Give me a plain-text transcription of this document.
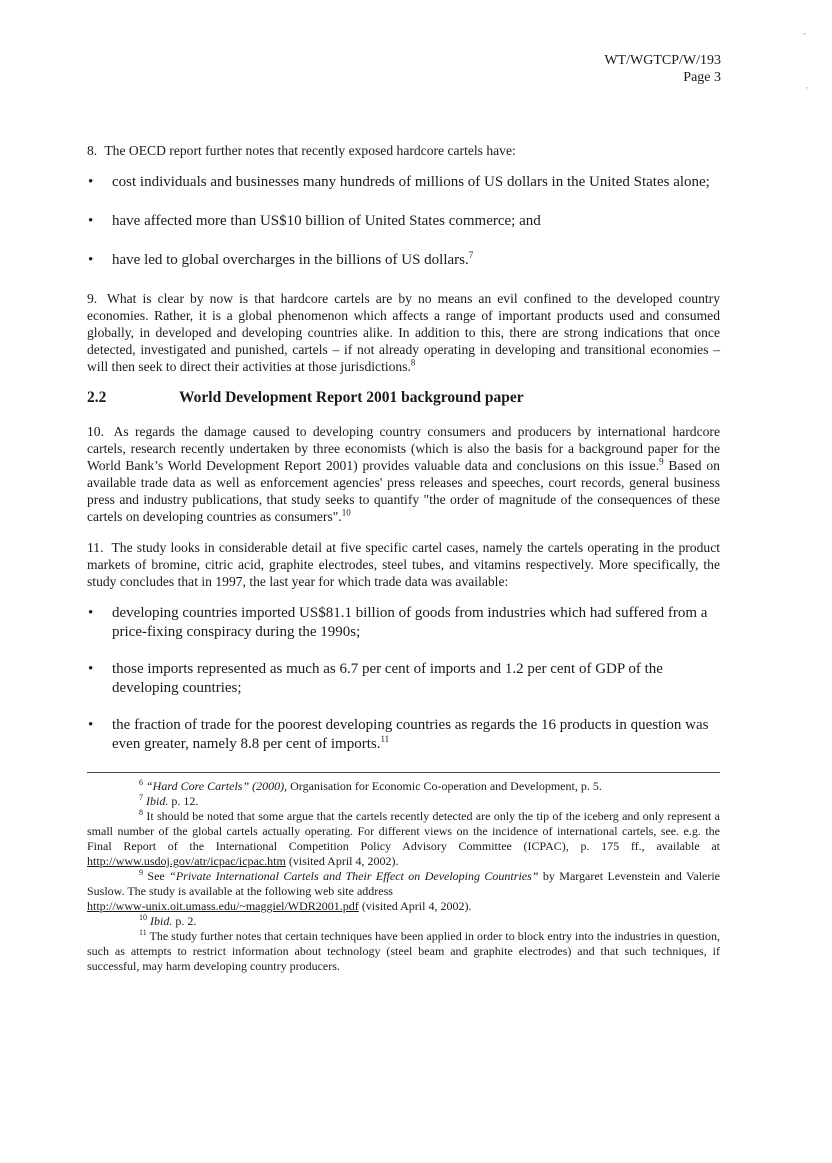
WT/WGTCP/W/193
Page 3
-
,

8. The OECD report further notes that recently exposed hardcore cartels have:

• cost individuals and businesses many hundreds of millions of US dollars in the United States alone;
• have affected more than US$10 billion of United States commerce; and
• have led to global overcharges in the billions of US dollars.$^7$

9. What is clear by now is that hardcore cartels are by no means an evil confined to the developed country economies. Rather, it is a global phenomenon which affects a range of important products used and consumed globally, in developed and developing countries alike. In addition to this, there are strong indications that once detected, investigated and punished, cartels – if not already operating in developing and transitional economies – will then seek to direct their activities at those jurisdictions.$^8$

2.2	World Development Report 2001 background paper

10. As regards the damage caused to developing country consumers and producers by international hardcore cartels, research recently undertaken by three economists (which is also the basis for a background paper for the World Bank’s World Development Report 2001) provides valuable data and conclusions on this issue.$^9$ Based on available trade data as well as enforcement agencies' press releases and speeches, court records, general business press and industry publications, that study seeks to quantify "the order of magnitude of the consequences of these cartels on developing countries as consumers".$^{10}$

11. The study looks in considerable detail at five specific cartel cases, namely the cartels operating in the product markets of bromine, citric acid, graphite electrodes, steel tubes, and vitamins respectively. More specifically, the study concludes that in 1997, the last year for which trade data was available:

• developing countries imported US$81.1 billion of goods from industries which had suffered from a price-fixing conspiracy during the 1990s;
• those imports represented as much as 6.7 per cent of imports and 1.2 per cent of GDP of the developing countries;
• the fraction of trade for the poorest developing countries as regards the 16 products in question was even greater, namely 8.8 per cent of imports.$^{11}$
$^6$ “Hard Core Cartels” (2000), Organisation for Economic Co-operation and Development, p. 5.
$^7$ Ibid. p. 12.
$^8$ It should be noted that some argue that the cartels recently detected are only the tip of the iceberg and only represent a small number of the global cartels actually operating. For different views on the incidence of international cartels, see. e.g. the Final Report of the International Competition Policy Advisory Committee (ICPAC), p. 175 ff., available at http://www.usdoj.gov/atr/icpac/icpac.htm (visited April 4, 2002).
$^9$ See “Private International Cartels and Their Effect on Developing Countries” by Margaret Levenstein and Valerie Suslow. The study is available at the following web site address
http://www-unix.oit.umass.edu/~maggiel/WDR2001.pdf (visited April 4, 2002).
$^{10}$ Ibid. p. 2.
$^{11}$ The study further notes that certain techniques have been applied in order to block entry into the industries in question, such as attempts to restrict information about technology (steel beam and graphite electrodes) and that such techniques, if successful, may harm developing country producers.
